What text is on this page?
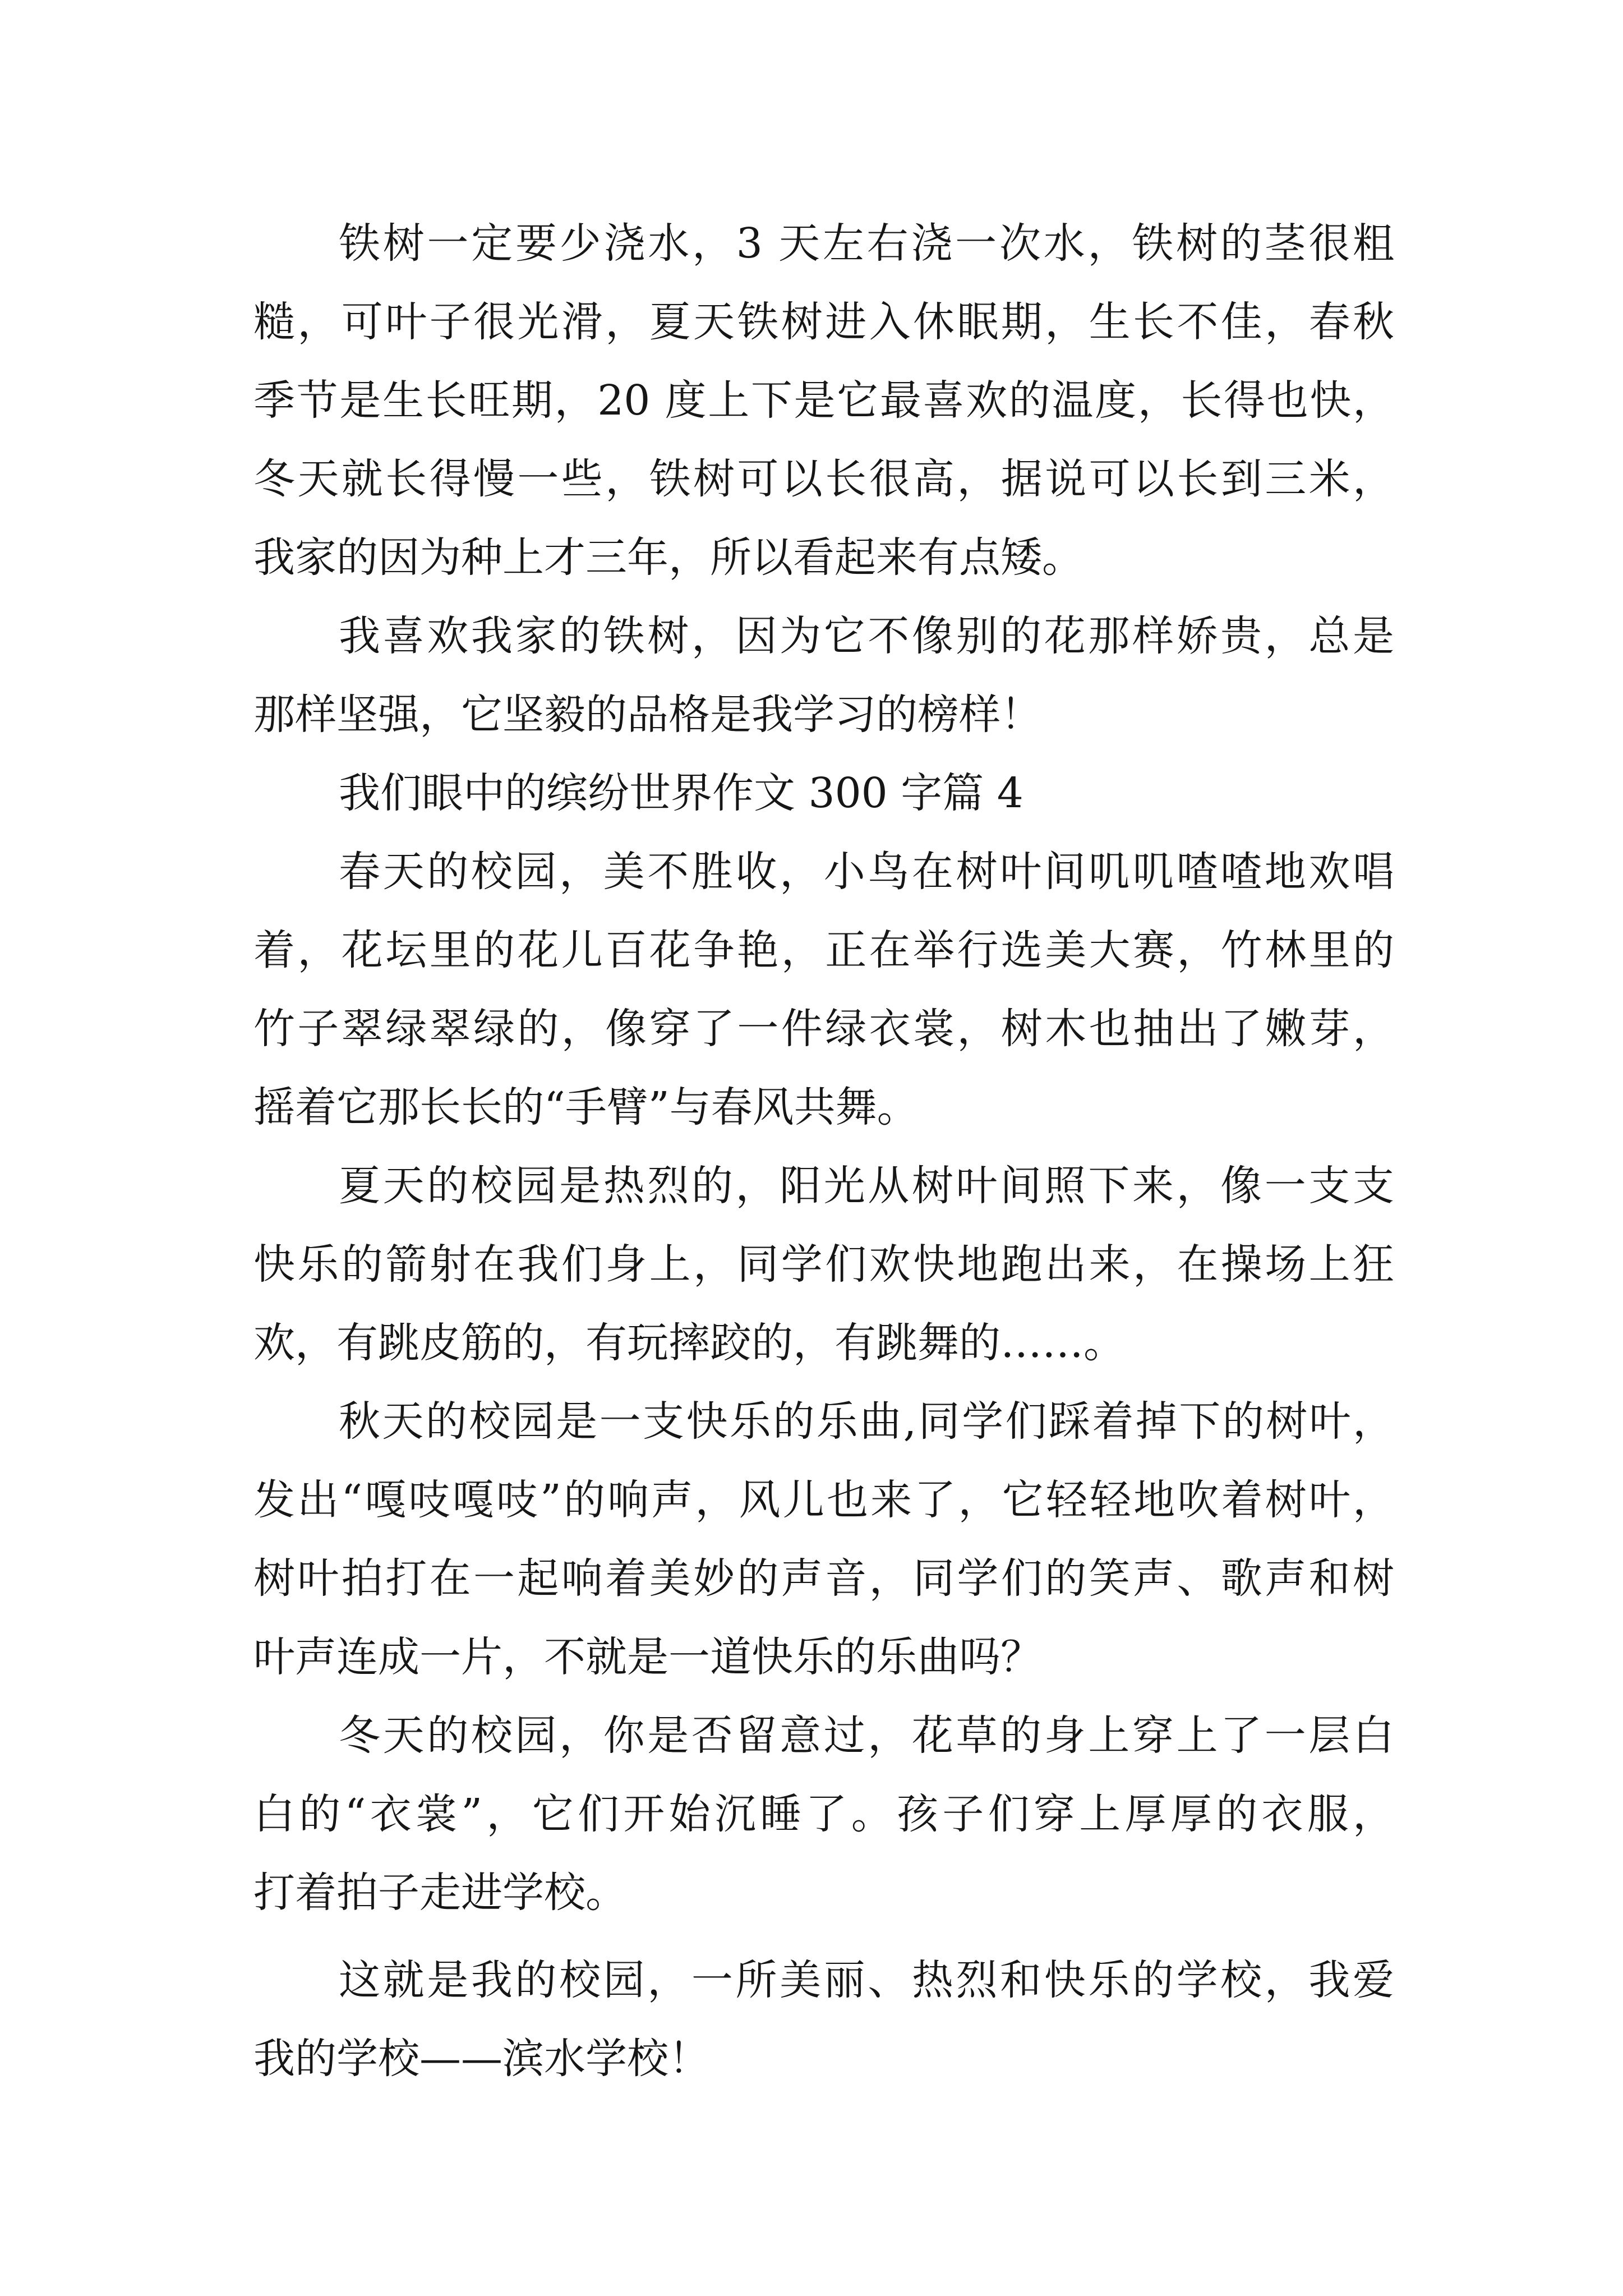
铁树一定要少浇水，3 天左右浇一次水，铁树的茎很粗
糙，可叶子很光滑，夏天铁树进入休眠期，生长不佳，春秋
季节是生长旺期，20 度上下是它最喜欢的温度，长得也快，
冬天就长得慢一些，铁树可以长很高，据说可以长到三米，
我家的因为种上才三年，所以看起来有点矮。
我喜欢我家的铁树，因为它不像别的花那样娇贵，总是
那样坚强，它坚毅的品格是我学习的榜样！
我们眼中的缤纷世界作文 300 字篇 4
春天的校园，美不胜收，小鸟在树叶间叽叽喳喳地欢唱
着，花坛里的花儿百花争艳，正在举行选美大赛，竹林里的
竹子翠绿翠绿的，像穿了一件绿衣裳，树木也抽出了嫩芽，
摇着它那长长的“手臂”与春风共舞。
夏天的校园是热烈的，阳光从树叶间照下来，像一支支
快乐的箭射在我们身上，同学们欢快地跑出来，在操场上狂
欢，有跳皮筋的，有玩摔跤的，有跳舞的……。
秋天的校园是一支快乐的乐曲,同学们踩着掉下的树叶，
发出“嘎吱嘎吱”的响声，风儿也来了，它轻轻地吹着树叶，
树叶拍打在一起响着美妙的声音，同学们的笑声、歌声和树
叶声连成一片，不就是一道快乐的乐曲吗？
冬天的校园，你是否留意过，花草的身上穿上了一层白
白的“衣裳”，它们开始沉睡了。孩子们穿上厚厚的衣服，
打着拍子走进学校。
这就是我的校园，一所美丽、热烈和快乐的学校，我爱
我的学校——滨水学校！
